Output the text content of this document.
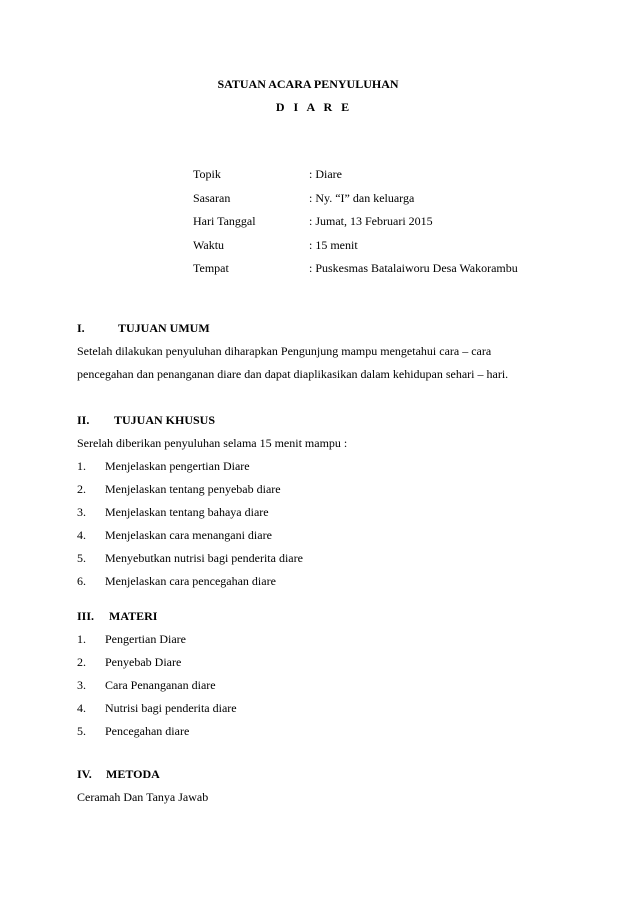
SATUAN ACARA PENYULUHAN
D I A R E
Topik	: Diare
Sasaran	: Ny. “I” dan keluarga
Hari Tanggal	: Jumat, 13 Februari 2015
Waktu	: 15 menit
Tempat	: Puskesmas Batalaiworu Desa Wakorambu
I.	TUJUAN UMUM
Setelah dilakukan penyuluhan diharapkan Pengunjung mampu mengetahui cara – cara
pencegahan dan penanganan diare dan dapat diaplikasikan dalam kehidupan sehari – hari.
II. TUJUAN KHUSUS
Serelah diberikan penyuluhan selama 15 menit mampu :
1. Menjelaskan pengertian Diare
2. Menjelaskan tentang penyebab diare
3. Menjelaskan tentang bahaya diare
4. Menjelaskan cara menangani diare
5. Menyebutkan nutrisi bagi penderita diare
6. Menjelaskan cara pencegahan diare
III. MATERI
1. Pengertian Diare
2. Penyebab Diare
3. Cara Penanganan diare
4. Nutrisi bagi penderita diare
5. Pencegahan diare
IV. METODA
Ceramah Dan Tanya Jawab
